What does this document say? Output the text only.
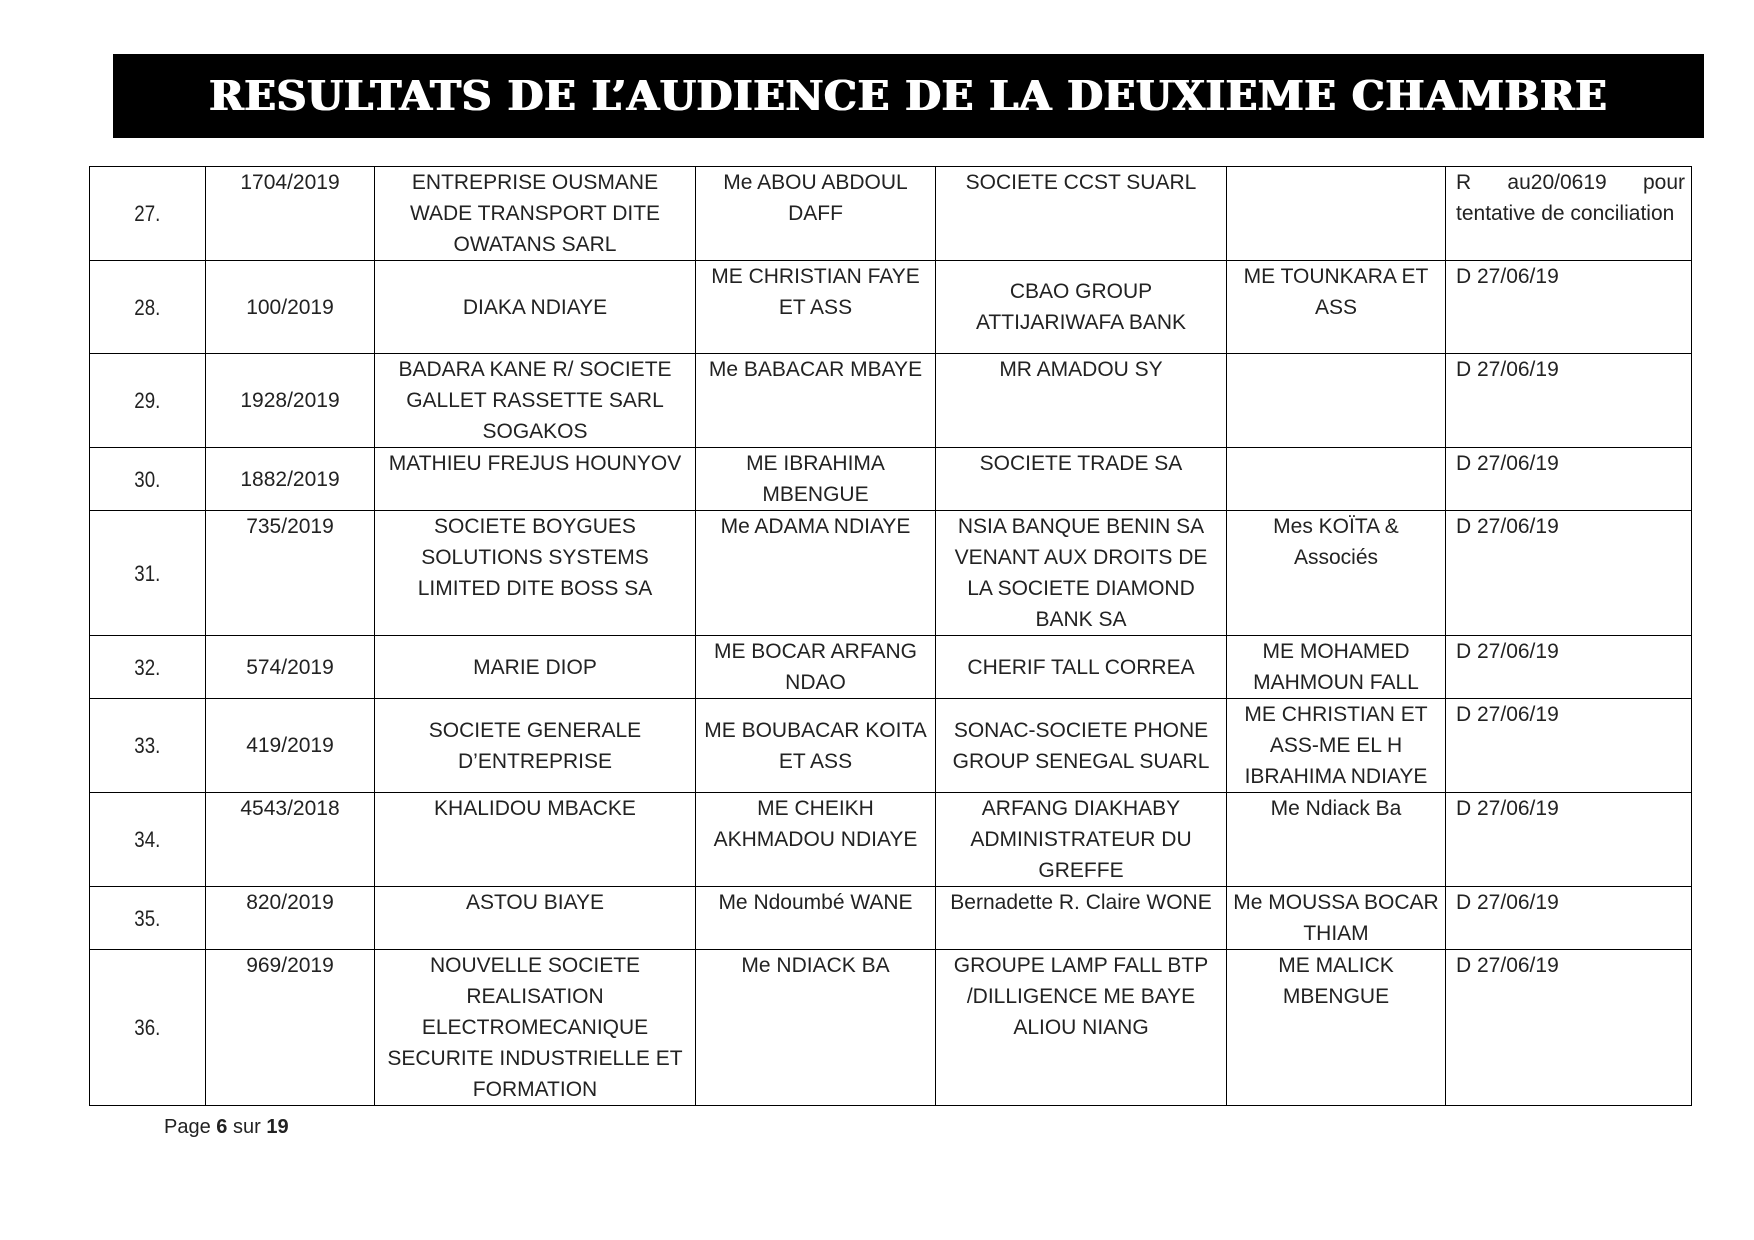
RESULTATS DE L’AUDIENCE DE LA DEUXIEME CHAMBRE
27.	1704/2019	ENTREPRISE OUSMANE WADE TRANSPORT DITE OWATANS SARL	Me ABOU ABDOUL DAFF	SOCIETE CCST SUARL		R au20/0619 pour tentative de conciliation
28.	100/2019	DIAKA NDIAYE	ME CHRISTIAN FAYE ET ASS	CBAO GROUP ATTIJARIWAFA BANK	ME TOUNKARA ET ASS	D 27/06/19
29.	1928/2019	BADARA KANE R/ SOCIETE GALLET RASSETTE SARL SOGAKOS	Me BABACAR MBAYE	MR AMADOU SY		D 27/06/19
30.	1882/2019	MATHIEU FREJUS HOUNYOV	ME IBRAHIMA MBENGUE	SOCIETE TRADE SA		D 27/06/19
31.	735/2019	SOCIETE BOYGUES SOLUTIONS SYSTEMS LIMITED DITE BOSS SA	Me ADAMA NDIAYE	NSIA BANQUE BENIN SA VENANT AUX DROITS DE LA SOCIETE DIAMOND BANK SA	Mes KOÏTA & Associés	D 27/06/19
32.	574/2019	MARIE DIOP	ME BOCAR ARFANG NDAO	CHERIF TALL CORREA	ME MOHAMED MAHMOUN FALL	D 27/06/19
33.	419/2019	SOCIETE GENERALE D’ENTREPRISE	ME BOUBACAR KOITA ET ASS	SONAC-SOCIETE PHONE GROUP SENEGAL SUARL	ME CHRISTIAN ET ASS-ME EL H IBRAHIMA NDIAYE	D 27/06/19
34.	4543/2018	KHALIDOU MBACKE	ME CHEIKH AKHMADOU NDIAYE	ARFANG DIAKHABY ADMINISTRATEUR DU GREFFE	Me Ndiack Ba	D 27/06/19
35.	820/2019	ASTOU BIAYE	Me Ndoumbé WANE	Bernadette R. Claire WONE	Me MOUSSA BOCAR THIAM	D 27/06/19
36.	969/2019	NOUVELLE SOCIETE REALISATION ELECTROMECANIQUE SECURITE INDUSTRIELLE ET FORMATION	Me NDIACK BA	GROUPE LAMP FALL BTP /DILLIGENCE ME BAYE ALIOU NIANG	ME MALICK MBENGUE	D 27/06/19
Page 6 sur 19
